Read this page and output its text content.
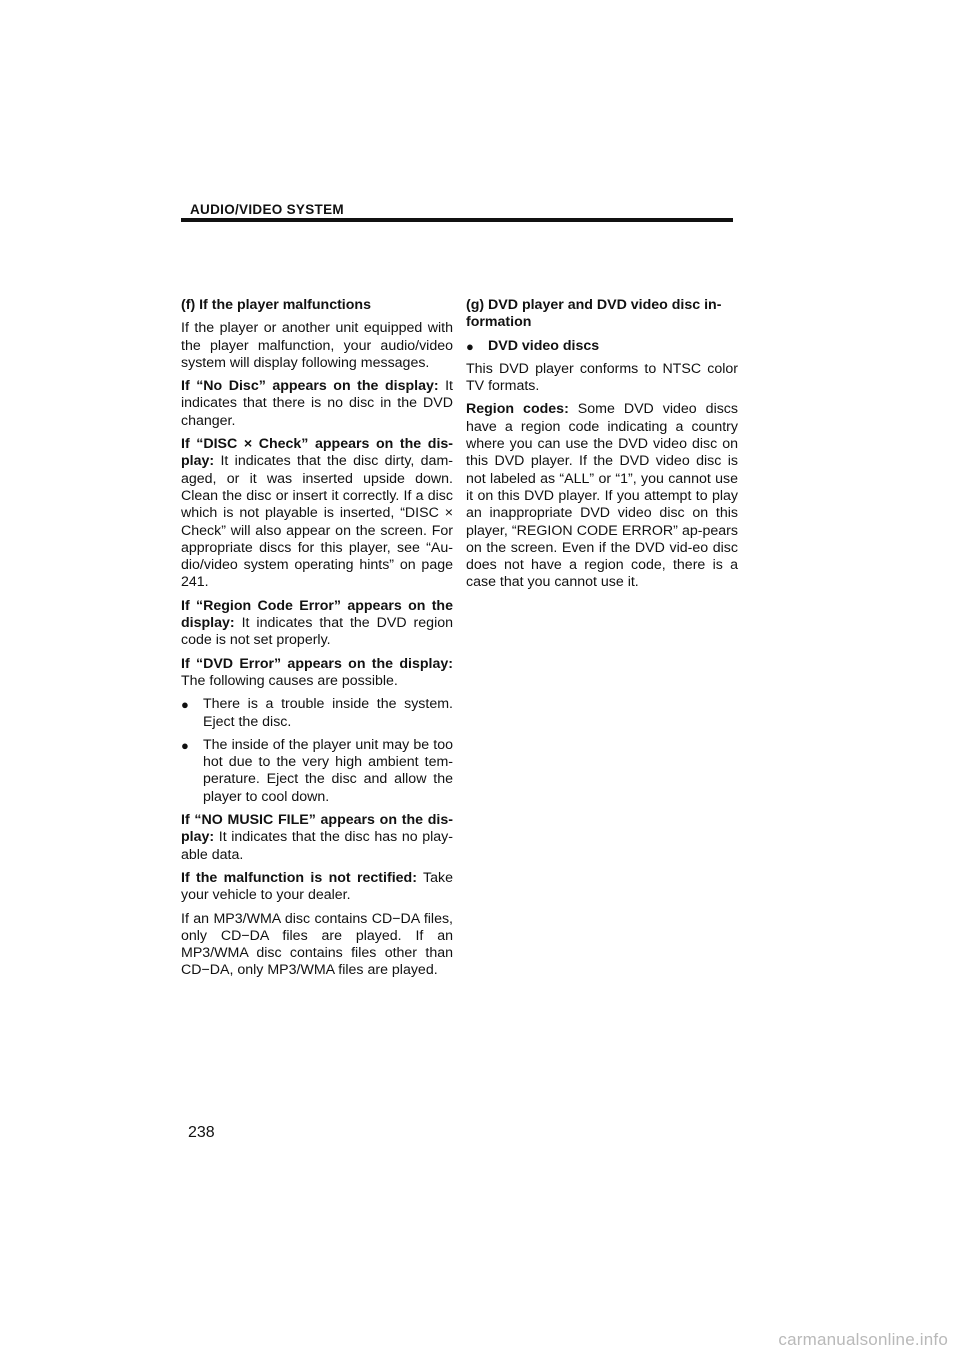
AUDIO/VIDEO SYSTEM

(f) If the player malfunctions

If the player or another unit equipped with the player malfunction, your audio/video system will display following messages.

If “No Disc” appears on the display: It indicates that there is no disc in the DVD changer.

If “DISC × Check” appears on the dis-play: It indicates that the disc dirty, dam-aged, or it was inserted upside down. Clean the disc or insert it correctly. If a disc which is not playable is inserted, “DISC × Check” will also appear on the screen. For appropriate discs for this player, see “Au-dio/video system operating hints” on page 241.

If “Region Code Error” appears on the display: It indicates that the DVD region code is not set properly.

If “DVD Error” appears on the display: The following causes are possible.

● There is a trouble inside the system. Eject the disc.
● The inside of the player unit may be too hot due to the very high ambient tem-perature. Eject the disc and allow the player to cool down.

If “NO MUSIC FILE” appears on the dis-play: It indicates that the disc has no play-able data.

If the malfunction is not rectified: Take your vehicle to your dealer.

If an MP3/WMA disc contains CD−DA files, only CD−DA files are played. If an MP3/WMA disc contains files other than CD−DA, only MP3/WMA files are played.

(g) DVD player and DVD video disc in-formation

● DVD video discs

This DVD player conforms to NTSC color TV formats.

Region codes: Some DVD video discs have a region code indicating a country where you can use the DVD video disc on this DVD player. If the DVD video disc is not labeled as “ALL” or “1”, you cannot use it on this DVD player. If you attempt to play an inappropriate DVD video disc on this player, “REGION CODE ERROR” ap-pears on the screen. Even if the DVD vid-eo disc does not have a region code, there is a case that you cannot use it.

238
carmanualsonline.info
